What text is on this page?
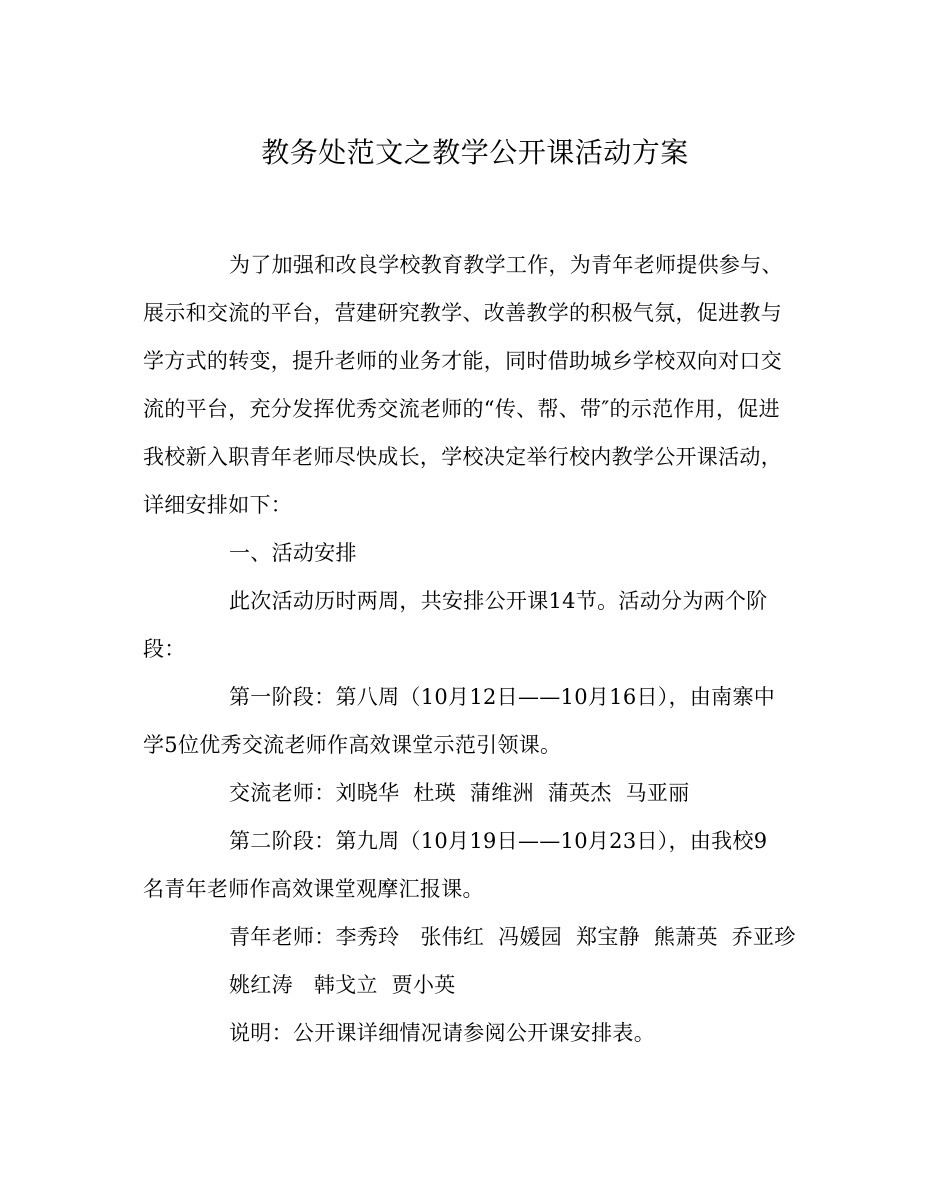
教务处范文之教学公开课活动方案
为了加强和改良学校教育教学工作，为青年老师提供参与、
展示和交流的平台，营建研究教学、改善教学的积极气氛，促进教与
学方式的转变，提升老师的业务才能，同时借助城乡学校双向对口交
流的平台，充分发挥优秀交流老师的“传、帮、带″的示范作用，促进
我校新入职青年老师尽快成长，学校决定举行校内教学公开课活动，
详细安排如下：
一、活动安排
此次活动历时两周，共安排公开课14节。活动分为两个阶
段：
第一阶段：第八周（10月12日——10月16日），由南寨中
学5位优秀交流老师作高效课堂示范引领课。
交流老师：刘晓华  杜瑛  蒲维洲  蒲英杰  马亚丽
第二阶段：第九周（10月19日——10月23日），由我校9
名青年老师作高效课堂观摩汇报课。
青年老师：李秀玲   张伟红  冯媛园  郑宝静  熊萧英  乔亚珍
姚红涛   韩戈立  贾小英
说明：公开课详细情况请参阅公开课安排表。
